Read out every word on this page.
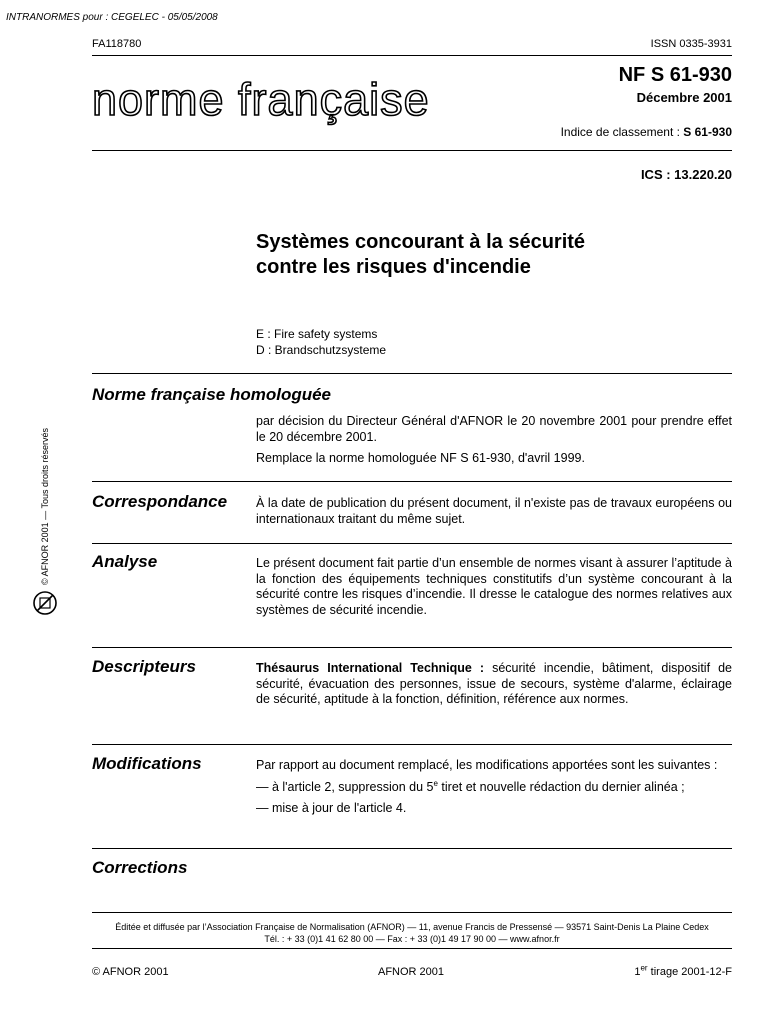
INTRANORMES pour : CEGELEC - 05/05/2008
FA118780	ISSN 0335-3931
norme française	NF S 61-930
Décembre 2001
Indice de classement : S 61-930
ICS : 13.220.20
Systèmes concourant à la sécurité
contre les risques d'incendie
E : Fire safety systems
D : Brandschutzsysteme
© AFNOR 2001 — Tous droits réservés
Norme française homologuée

par décision du Directeur Général d'AFNOR le 20 novembre 2001 pour prendre effet le 20 décembre 2001.

Remplace la norme homologuée NF S 61-930, d'avril 1999.

Correspondance À la date de publication du présent document, il n'existe pas de travaux européens ou internationaux traitant du même sujet.

Analyse	Le présent document fait partie d’un ensemble de normes visant à assurer l’aptitude à la fonction des équipements techniques constitutifs d’un système concourant à la sécurité contre les risques d’incendie. Il dresse le catalogue des normes relatives aux systèmes de sécurité incendie.

Descripteurs	Thésaurus International Technique : sécurité incendie, bâtiment, dispositif de sécurité, évacuation des personnes, issue de secours, système d'alarme, éclairage de sécurité, aptitude à la fonction, définition, référence aux normes.

Modifications	Par rapport au document remplacé, les modifications apportées sont les suivantes :

— à l'article 2, suppression du 5e tiret et nouvelle rédaction du dernier alinéa ;

— mise à jour de l'article 4.

Corrections
Éditée et diffusée par l’Association Française de Normalisation (AFNOR) — 11, avenue Francis de Pressensé — 93571 Saint-Denis La Plaine Cedex
Tél. : + 33 (0)1 41 62 80 00 — Fax : + 33 (0)1 49 17 90 00 — www.afnor.fr
© AFNOR 2001	AFNOR 2001	1er tirage 2001-12-F
